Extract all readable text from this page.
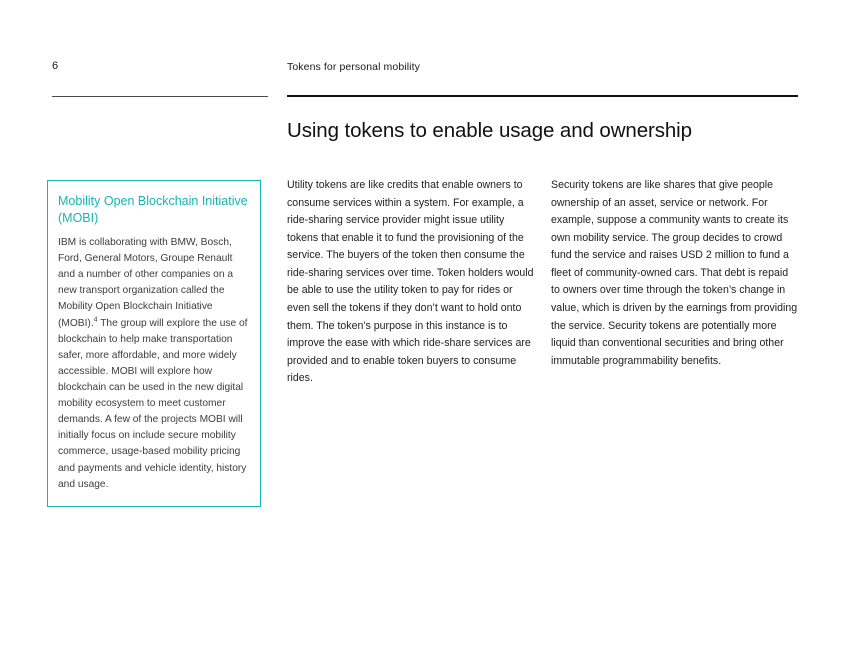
6	Tokens for personal mobility
Using tokens to enable usage and ownership
Mobility Open Blockchain Initiative (MOBI)

IBM is collaborating with BMW, Bosch, Ford, General Motors, Groupe Renault and a number of other companies on a new transport organization called the Mobility Open Blockchain Initiative (MOBI).$^4$ The group will explore the use of blockchain to help make transportation safer, more affordable, and more widely accessible. MOBI will explore how blockchain can be used in the new digital mobility ecosystem to meet customer demands. A few of the projects MOBI will initially focus on include secure mobility commerce, usage-based mobility pricing and payments and vehicle identity, history and usage.

Utility tokens are like credits that enable owners to consume services within a system. For example, a ride-sharing service provider might issue utility tokens that enable it to fund the provisioning of the service. The buyers of the token then consume the ride-sharing services over time. Token holders would be able to use the utility token to pay for rides or even sell the tokens if they don’t want to hold onto them. The token’s purpose in this instance is to improve the ease with which ride-share services are provided and to enable token buyers to consume rides.

Security tokens are like shares that give people ownership of an asset, service or network. For example, suppose a community wants to create its own mobility service. The group decides to crowd fund the service and raises USD 2 million to fund a fleet of community-owned cars. That debt is repaid to owners over time through the token’s change in value, which is driven by the earnings from providing the service. Security tokens are potentially more liquid than conventional securities and bring other immutable programmability benefits.
